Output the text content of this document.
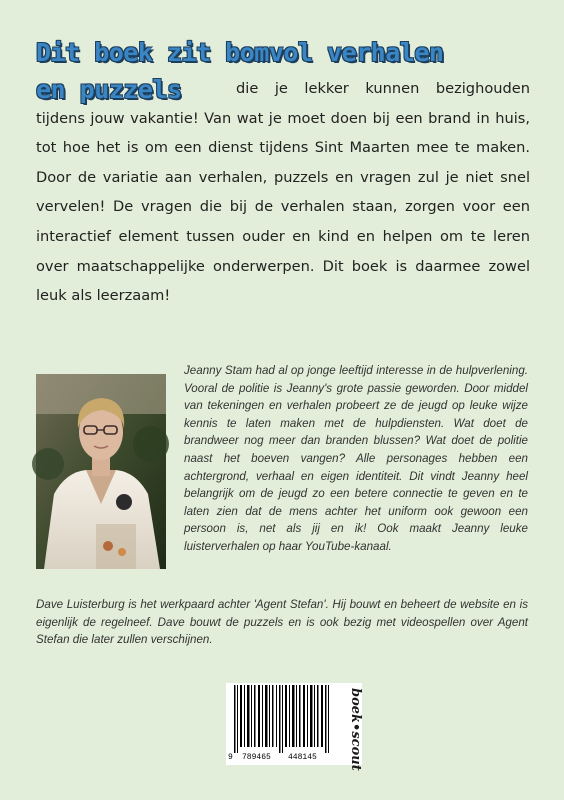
Dit boek zit bomvol verhalen
en puzzels	die je lekker kunnen bezighouden tijdens jouw vakantie! Van wat je moet doen bij een brand in huis, tot hoe het is om een dienst tijdens Sint Maarten mee te maken. Door de variatie aan verhalen, puzzels en vragen zul je niet snel vervelen! De vragen die bij de verhalen staan, zorgen voor een interactief element tussen ouder en kind en helpen om te leren over maatschappelijke onderwerpen. Dit boek is daarmee zowel leuk als leerzaam!
Jeanny Stam had al op jonge leeftijd interesse in de hulpverlening. Vooral de politie is Jeanny's grote passie geworden. Door middel van tekeningen en verhalen probeert ze de jeugd op leuke wijze kennis te laten maken met de hulpdiensten. Wat doet de brandweer nog meer dan branden blussen? Wat doet de politie naast het boeven vangen? Alle personages hebben een achtergrond, verhaal en eigen identiteit. Dit vindt Jeanny heel belangrijk om de jeugd zo een betere connectie te geven en te laten zien dat de mens achter het uniform ook gewoon een persoon is, net als jij en ik! Ook maakt Jeanny leuke luisterverhalen op haar YouTube-kanaal.
Dave Luisterburg is het werkpaard achter 'Agent Stefan'. Hij bouwt en beheert de website en is eigenlijk de regelneef. Dave bouwt de puzzels en is ook bezig met videospellen over Agent Stefan die later zullen verschijnen.
9 789465 448145 boek•scout
